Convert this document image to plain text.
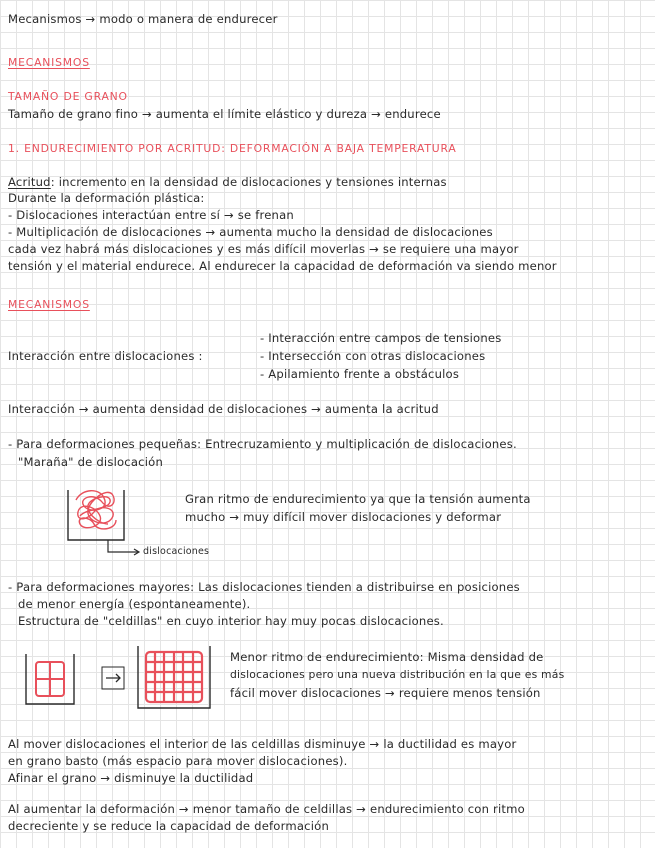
Mecanismos → modo o manera de endurecer
MECANISMOS
TAMAÑO DE GRANO
Tamaño de grano fino → aumenta el límite elástico y dureza → endurece
1. ENDURECIMIENTO POR ACRITUD: DEFORMACIÓN A BAJA TEMPERATURA
Acritud: incremento en la densidad de dislocaciones y tensiones internas
Durante la deformación plástica:
- Dislocaciones interactúan entre sí → se frenan
- Multiplicación de dislocaciones → aumenta mucho la densidad de dislocaciones
cada vez habrá más dislocaciones y es más difícil moverlas → se requiere una mayor
tensión y el material endurece. Al endurecer la capacidad de deformación va siendo menor
MECANISMOS
Interacción entre dislocaciones :
- Interacción entre campos de tensiones
- Intersección con otras dislocaciones
- Apilamiento frente a obstáculos
Interacción → aumenta densidad de dislocaciones → aumenta la acritud
- Para deformaciones pequeñas: Entrecruzamiento y multiplicación de dislocaciones.
"Maraña" de dislocación
dislocaciones
Gran ritmo de endurecimiento ya que la tensión aumenta
mucho → muy difícil mover dislocaciones y deformar
- Para deformaciones mayores: Las dislocaciones tienden a distribuirse en posiciones
de menor energía (espontaneamente).
Estructura de "celdillas" en cuyo interior hay muy pocas dislocaciones.
Menor ritmo de endurecimiento: Misma densidad de
dislocaciones pero una nueva distribución en la que es más
fácil mover dislocaciones → requiere menos tensión
Al mover dislocaciones el interior de las celdillas disminuye → la ductilidad es mayor
en grano basto (más espacio para mover dislocaciones).
Afinar el grano → disminuye la ductilidad
Al aumentar la deformación → menor tamaño de celdillas → endurecimiento con ritmo
decreciente y se reduce la capacidad de deformación
